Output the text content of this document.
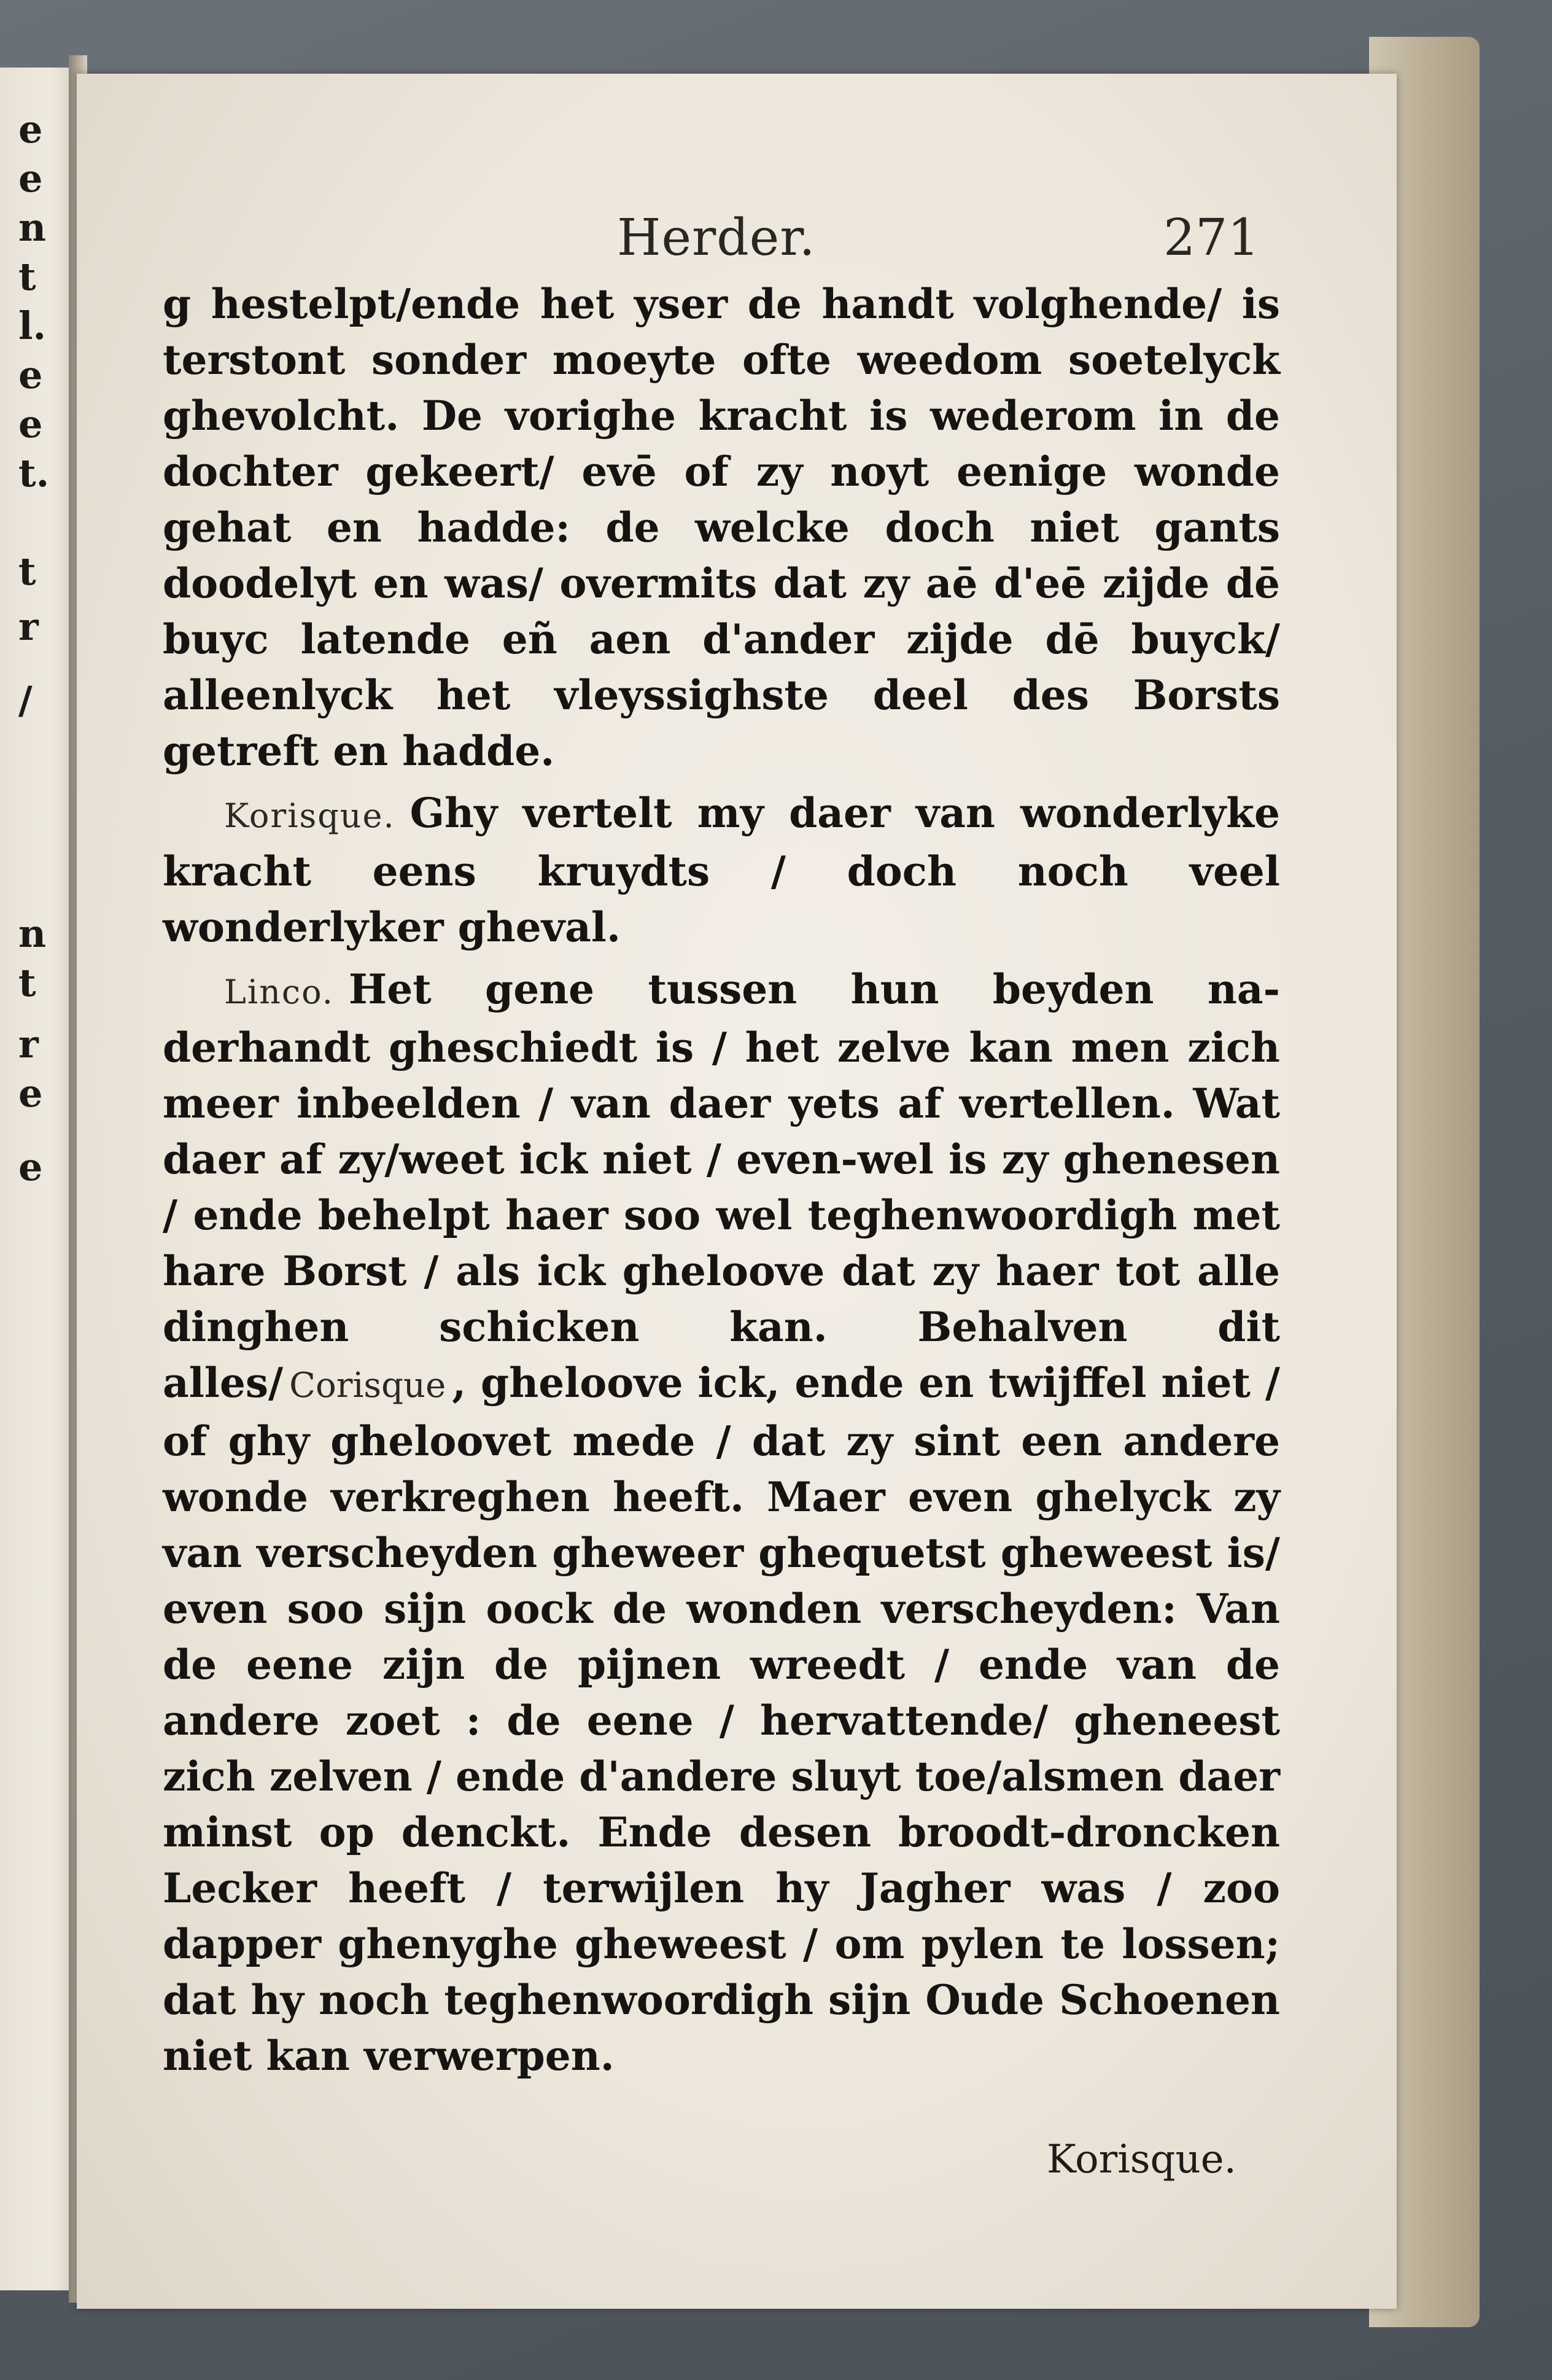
e
e
n
t
l.
e
e
t.
t
r
/
n
t
r
e
e
Herder.	271

g hestelpt/ende het yser de handt volghende/ is terstont sonder moeyte ofte weedom soetelyck ghevolcht. De vorighe kracht is wederom in de dochter gekeert/ evē of zy noyt eenige wonde gehat en hadde: de welcke doch niet gants doodelyt en was/ overmits dat zy aē d'eē zijde dē buyc latende eñ aen d'ander zijde dē buyck/ alleenlyck het vleyssighste deel des Borsts getreft en hadde.

Korisque. Ghy vertelt my daer van wonderlyke kracht eens kruydts / doch noch veel wonderlyker gheval.

Linco. Het gene tussen hun beyden na-derhandt gheschiedt is / het zelve kan men zich meer inbeelden / van daer yets af vertellen. Wat daer af zy/weet ick niet / even-wel is zy ghenesen / ende behelpt haer soo wel teghenwoordigh met hare Borst / als ick gheloove dat zy haer tot alle dinghen schicken kan. Behalven dit alles/ Corisque , gheloove ick, ende en twijffel niet / of ghy gheloovet mede / dat zy sint een andere wonde verkreghen heeft. Maer even ghelyck zy van verscheyden gheweer ghequetst gheweest is/ even soo sijn oock de wonden verscheyden: Van de eene zijn de pijnen wreedt / ende van de andere zoet : de eene / hervattende/ gheneest zich zelven / ende d'andere sluyt toe/alsmen daer minst op denckt. Ende desen broodt-droncken Lecker heeft / terwijlen hy Jagher was / zoo dapper ghenyghe gheweest / om pylen te lossen; dat hy noch teghenwoordigh sijn Oude Schoenen niet kan verwerpen.

Korisque.
